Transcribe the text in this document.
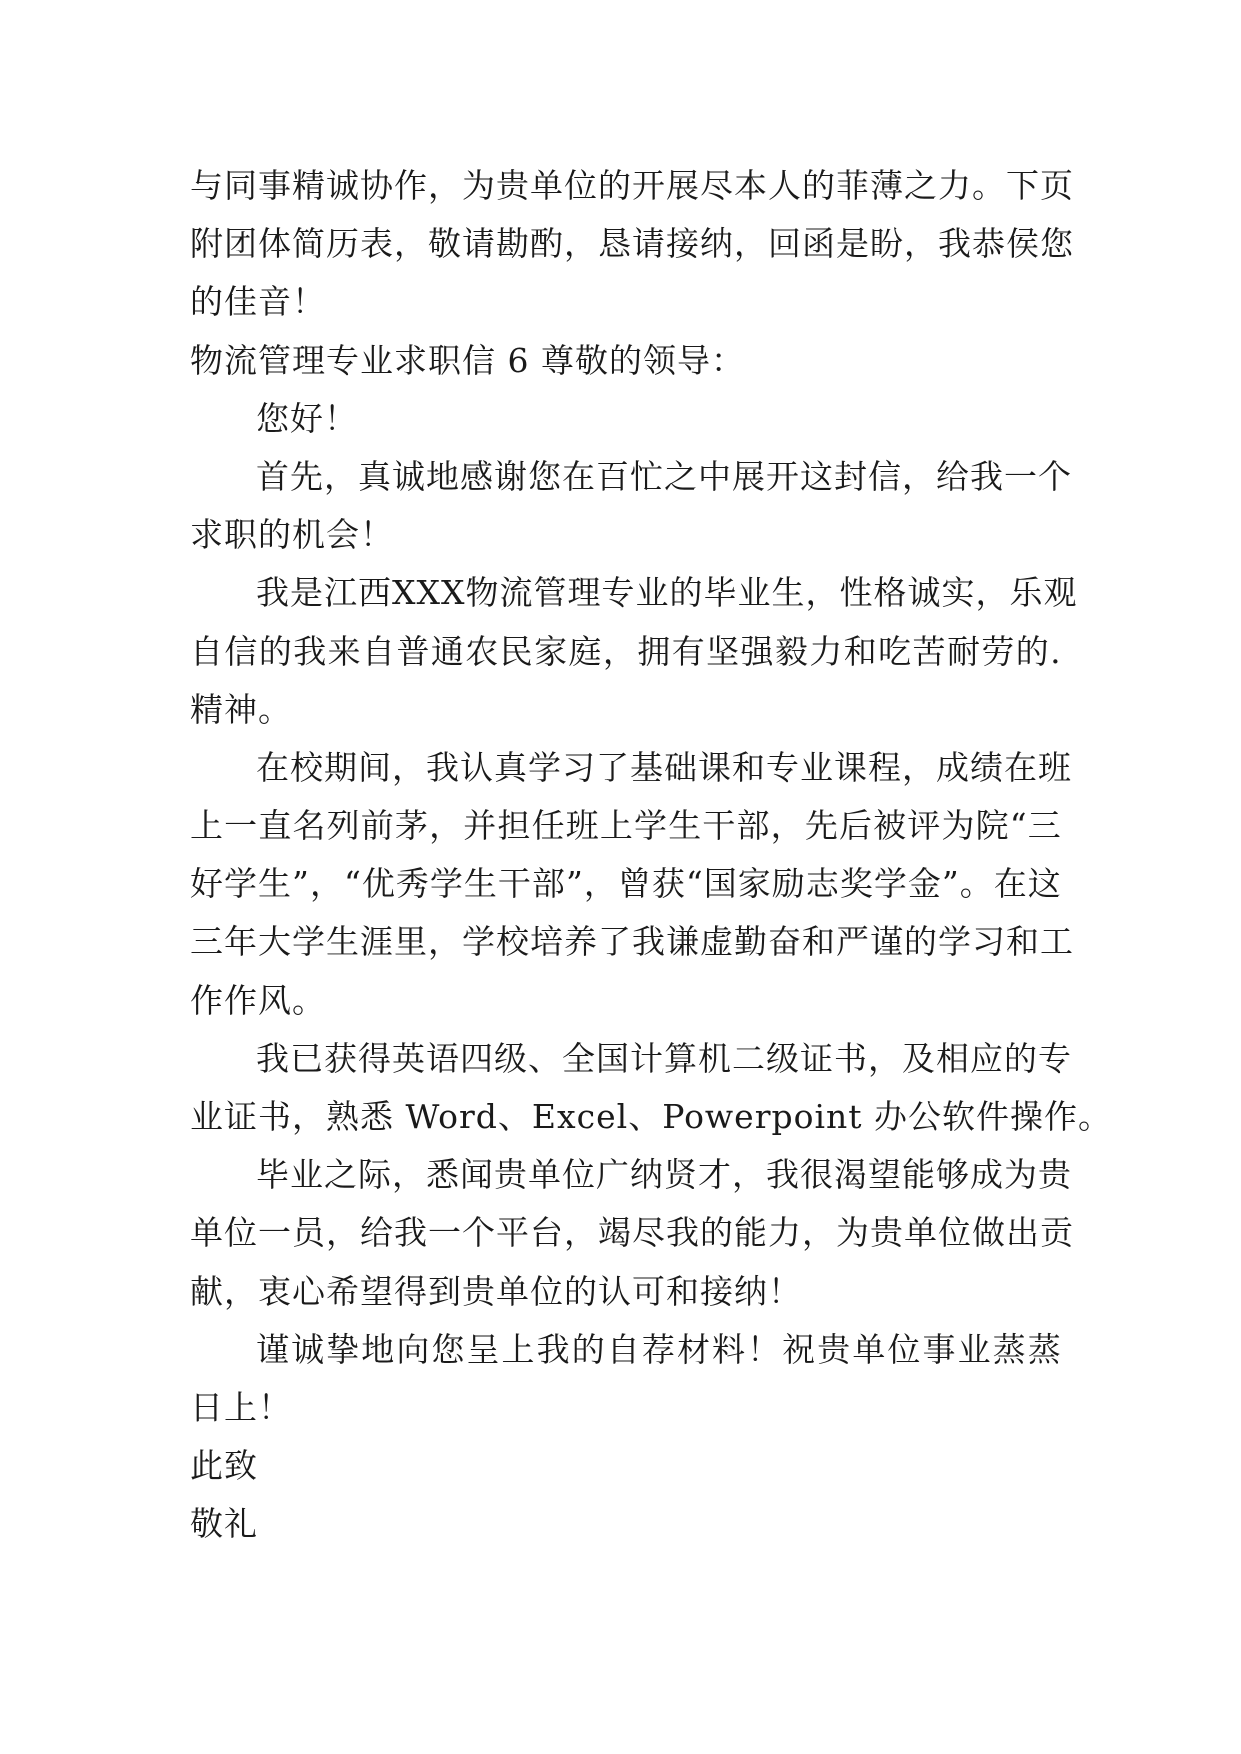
与 同 事 精 诚 协 作 ， 为 贵 单 位 的 开 展 尽 本 人 的 菲 薄 之 力 。 下 页
附 团 体 简 历 表 ， 敬 请 勘 酌 ， 恳 请 接 纳 ， 回 函 是 盼 ， 我 恭 侯 您
的佳音！
物流管理专业求职信 6 尊敬的领导：
您好！
首 先 ， 真 诚 地 感 谢 您 在 百 忙 之 中 展 开 这 封 信 ， 给 我 一 个
求职的机会！
我 是 江 西 XXX 物 流 管 理 专 业 的 毕 业 生 ， 性 格 诚 实 ， 乐 观
自 信 的 我 来 自 普 通 农 民 家 庭 ， 拥 有 坚 强 毅 力 和 吃 苦 耐 劳 的 .
精神。
在 校 期 间 ， 我 认 真 学 习 了 基 础 课 和 专 业 课 程 ， 成 绩 在 班
上 一 直 名 列 前 茅 ， 并 担 任 班 上 学 生 干 部 ， 先 后 被 评 为 院 “ 三
好 学 生 ” ， “ 优 秀 学 生 干 部 ” ， 曾 获 “ 国 家 励 志 奖 学 金 ” 。 在 这
三 年 大 学 生 涯 里 ， 学 校 培 养 了 我 谦 虚 勤 奋 和 严 谨 的 学 习 和 工
作作风。
我 已 获 得 英 语 四 级 、 全 国 计 算 机 二 级 证 书 ， 及 相 应 的 专
业证书，熟悉 Word、Excel、Powerpoint 办公软件操作。
毕 业 之 际 ， 悉 闻 贵 单 位 广 纳 贤 才 ， 我 很 渴 望 能 够 成 为 贵
单 位 一 员 ， 给 我 一 个 平 台 ， 竭 尽 我 的 能 力 ， 为 贵 单 位 做 出 贡
献，衷心希望得到贵单位的认可和接纳！
谨 诚 挚 地 向 您 呈 上 我 的 自 荐 材 料 ！ 祝 贵 单 位 事 业 蒸 蒸
日上！
此致
敬礼
